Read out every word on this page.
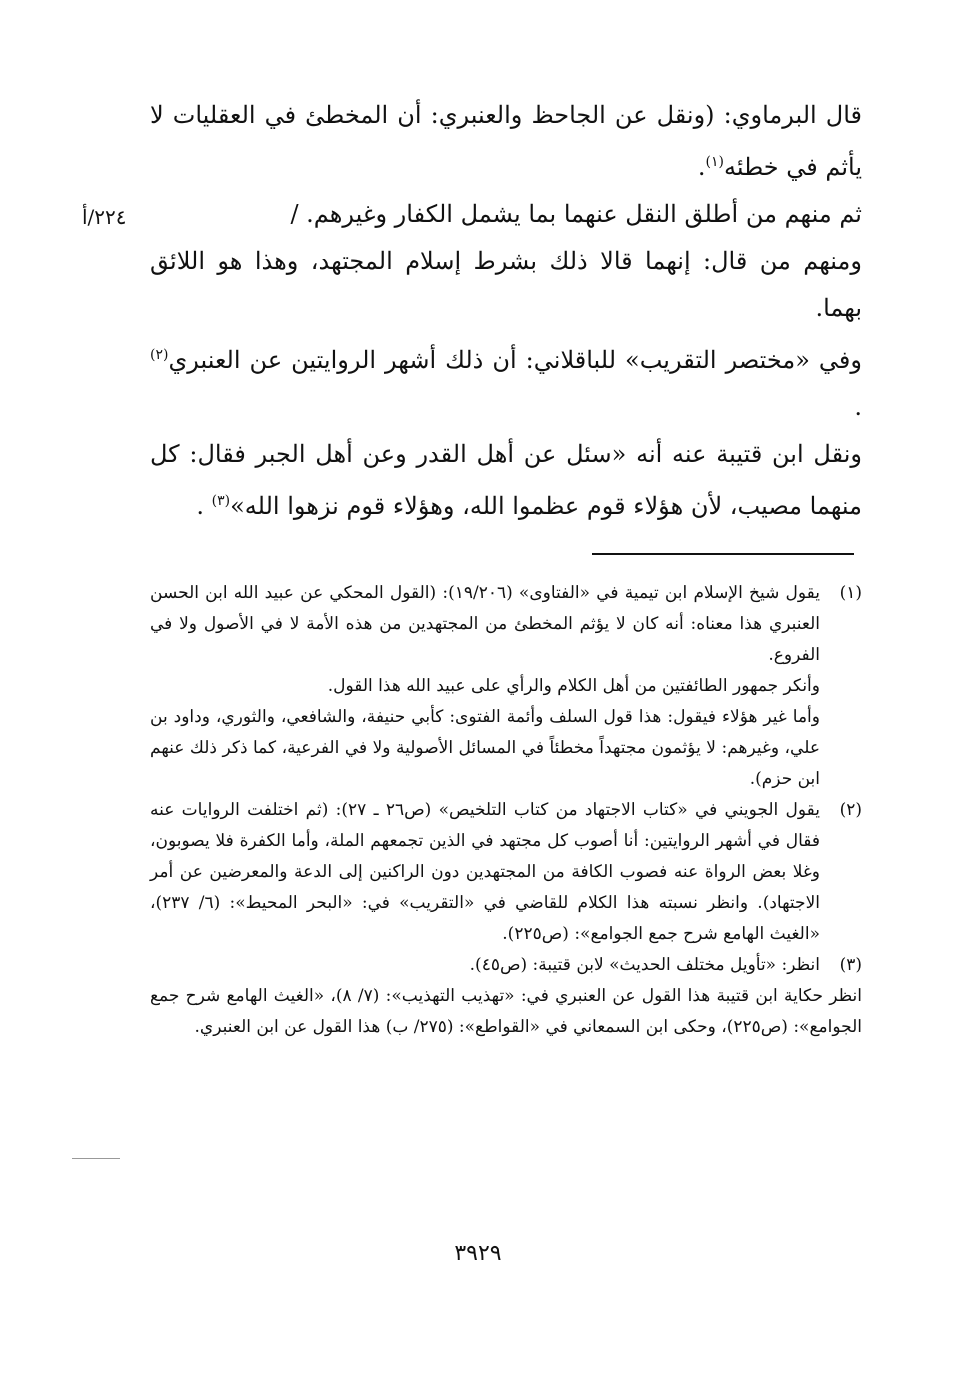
٢٢٤/أ

قال البرماوي: (ونقل عن الجاحظ والعنبري: أن المخطئ في العقليات لا يأثم في خطئه$^{(١)}$.

ثم منهم من أطلق النقل عنهما بما يشمل الكفار وغيرهم. /

ومنهم من قال: إنهما قالا ذلك بشرط إسلام المجتهد، وهذا هو اللائق بهما.

وفي «مختصر التقريب» للباقلاني: أن ذلك أشهر الروايتين عن العنبري$^{(٢)}$ .

ونقل ابن قتيبة عنه أنه «سئل عن أهل القدر وعن أهل الجبر فقال: كل منهما مصيب، لأن هؤلاء قوم عظموا الله، وهؤلاء قوم نزهوا الله»$^{(٣)}$ .

(١)

يقول شيخ الإسلام ابن تيمية في «الفتاوى» (١٩/٢٠٦): (القول المحكي عن عبيد الله ابن الحسن العنبري هذا معناه: أنه كان لا يؤثم المخطئ من المجتهدين من هذه الأمة لا في الأصول ولا في الفروع.

وأنكر جمهور الطائفتين من أهل الكلام والرأي على عبيد الله هذا القول.

وأما غير هؤلاء فيقول: هذا قول السلف وأئمة الفتوى: كأبي حنيفة، والشافعي، والثوري، وداود بن علي، وغيرهم: لا يؤثمون مجتهداً مخطئاً في المسائل الأصولية ولا في الفرعية، كما ذكر ذلك عنهم ابن حزم).

(٢)

يقول الجويني في «كتاب الاجتهاد من كتاب التلخيص» (ص٢٦ ـ ٢٧): (ثم اختلفت الروايات عنه فقال في أشهر الروايتين: أنا أصوب كل مجتهد في الذين تجمعهم الملة، وأما الكفرة فلا يصوبون، وغلا بعض الرواة عنه فصوب الكافة من المجتهدين دون الراكنين إلى الدعة والمعرضين عن أمر الاجتهاد). وانظر نسبته هذا الكلام للقاضي في «التقريب» في: «البحر المحيط»: (٦/ ٢٣٧)، «الغيث الهامع شرح جمع الجوامع»: (ص٢٢٥).

(٣)

انظر: «تأويل مختلف الحديث» لابن قتيبة: (ص٤٥).

انظر حكاية ابن قتيبة هذا القول عن العنبري في: «تهذيب التهذيب»: (٧/ ٨)، «الغيث الهامع شرح جمع الجوامع»: (ص٢٢٥)، وحكى ابن السمعاني في «القواطع»: (٢٧٥/ ب) هذا القول عن ابن العنبري.

٣٩٢٩
